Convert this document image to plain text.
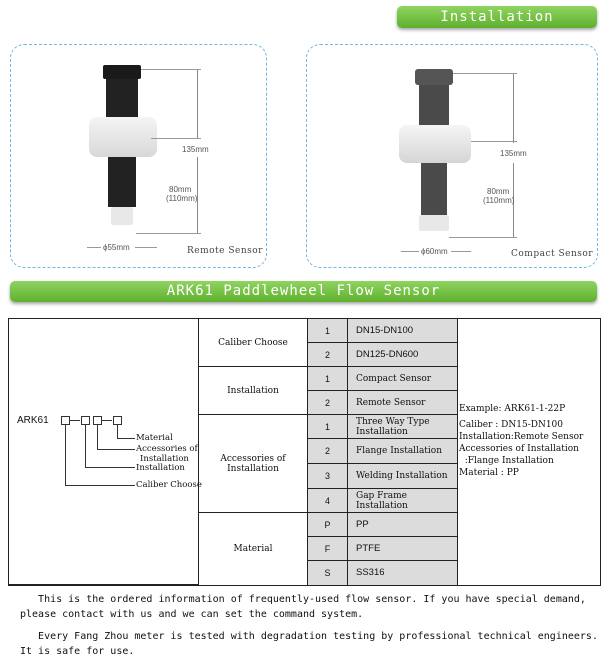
Installation
135mm
80mm
(110mm)
ϕ55mm	Remote Sensor
135mm
80mm
(110mm)
ϕ60mm	Compact Sensor
ARK61 Paddlewheel Flow Sensor
ARK61
Material
Accessories of
Installation
Installation
Caliber Choose
Caliber Choose
Installation
Accessories of Installation
Material
1
2
1
2
1
2
3
4
P
F
S
DN15-DN100
DN125-DN600
Compact Sensor
Remote Sensor
Three Way Type Installation
Flange Installation
Welding Installation
Gap Frame Installation
PP
PTFE
SS316
Example: ARK61-1-22P
Caliber : DN15-DN100
Installation:Remote Sensor
Accessories of Installation
:Flange Installation
Material : PP
This is the ordered information of frequently-used flow sensor. If you have special demand,
please contact with us and we can set the command system.
Every Fang Zhou meter is tested with degradation testing by professional technical engineers.
It is safe for use.
